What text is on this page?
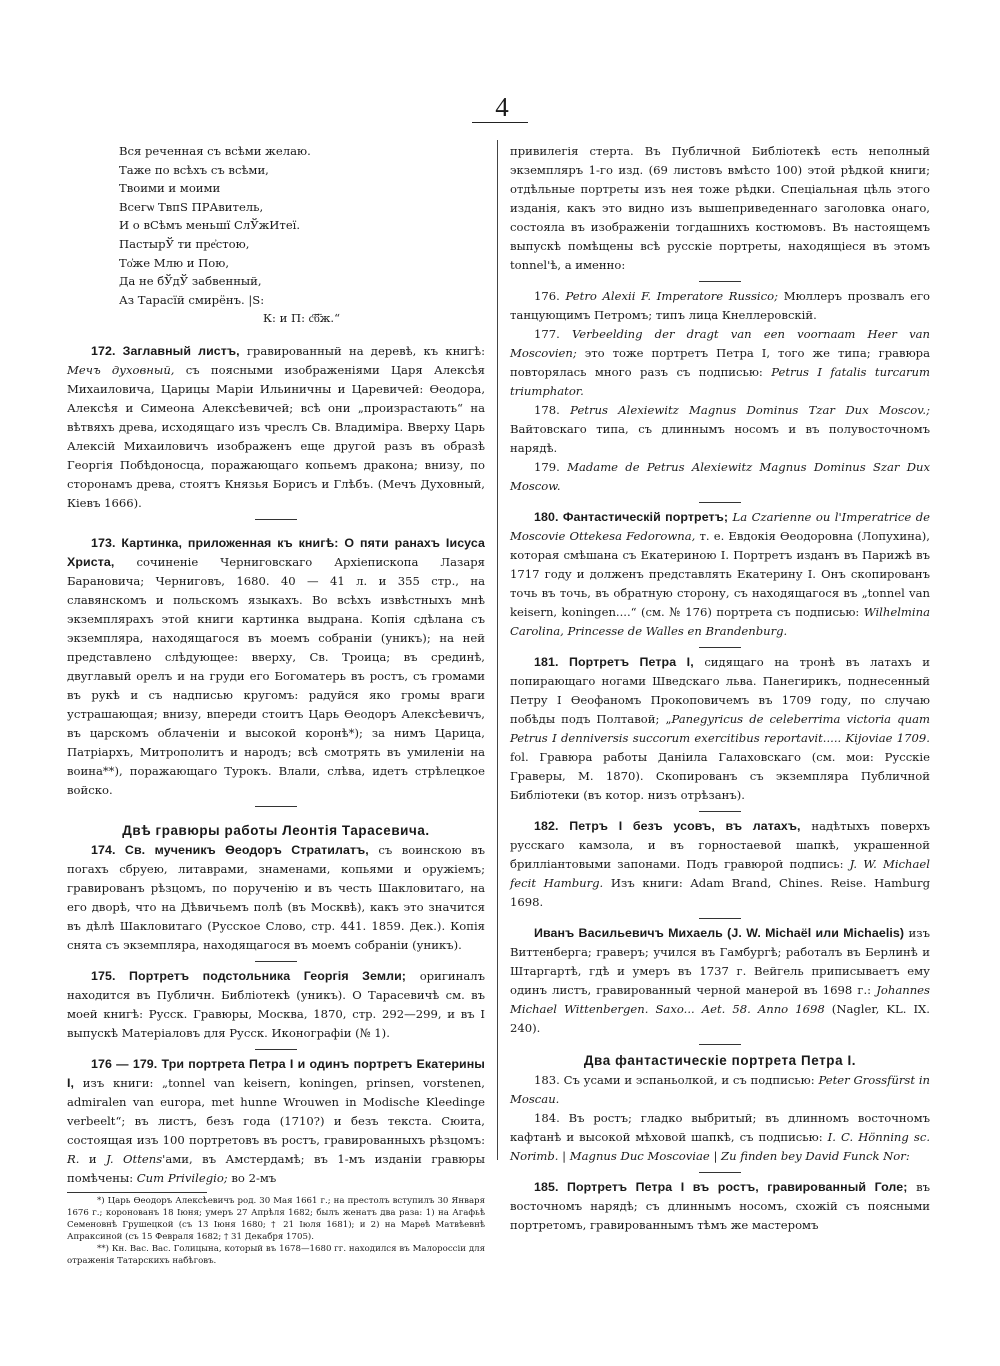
4

Вся реченная съ всѣми желаю.

Таже по всѣхъ съ всѣми,

Твоими и моими

Всегѡ ТвпЅ ПРАвитель,

И о вСѣмъ меньшї СлЎжИтеї.

ПастырЎ ти пре҆стою,

То҆же Млю и Пою,

Да не бЎдЎ забвенный,

Аз Тарасїй смирёнъ. |Ѕ:

К: и П: с҃б҃ж.“

172. Заглавный листъ, гравированный на деревѣ, къ книгѣ: Мечъ духовный, съ поясными изображеніями Царя Алексѣя Михаиловича, Царицы Маріи Ильиничны и Царевичей: Ѳеодора, Алексѣя и Симеона Алексѣевичей; всѣ они „произрастають“ на вѣтвяхъ древа, исходящаго изъ чреслъ Св. Владиміра. Вверху Царь Алексій Михаиловичъ изображенъ еще другой разъ въ образѣ Георгія Побѣдоносца, поражающаго копьемъ дракона; внизу, по сторонамъ древа, стоятъ Князья Борисъ и Глѣбъ. (Мечъ Духовный, Кіевъ 1666).

173. Картинка, приложенная къ книгѣ: О пяти ранахъ Іисуса Христа, сочиненіе Черниговскаго Архіепископа Лазаря Барановича; Черниговъ, 1680. 40 — 41 л. и 355 стр., на славянскомъ и польскомъ языкахъ. Во всѣхъ извѣстныхъ мнѣ экземплярахъ этой книги картинка выдрана. Копія сдѣлана съ экземпляра, находящагося въ моемъ собраніи (уникъ); на ней представлено слѣдующее: вверху, Св. Троица; въ срединѣ, двуглавый орелъ и на груди его Богоматерь въ ростъ, съ громами въ рукѣ и съ надписью кругомъ: радуйся яко громы враги устрашающая; внизу, впереди стоитъ Царь Ѳеодоръ Алексѣевичъ, въ царскомъ облаченіи и высокой коронѣ*); за нимъ Царица, Патріархъ, Митрополитъ и народъ; всѣ смотрять въ умиленіи на воина**), поражающаго Турокъ. Влали, слѣва, идетъ стрѣлецкое войско.

Двѣ гравюры работы Леонтія Тарасевича.

174. Св. мученикъ Ѳеодоръ Стратилатъ, съ воинскою въ погахъ сбруею, литаврами, знаменами, копьями и оружіемъ; гравированъ рѣзцомъ, по порученію и въ честь Шакловитаго, на его дворѣ, что на Дѣвичьемъ полѣ (въ Москвѣ), какъ это значится въ дѣлѣ Шакловитаго (Русское Слово, стр. 441. 1859. Дек.). Копія снята съ экземпляра, находящагося въ моемъ собраніи (уникъ).

175. Портретъ подстольника Георгія Земли; оригиналъ находится въ Публичн. Библіотекѣ (уникъ). О Тарасевичѣ см. въ моей книгѣ: Русск. Гравюры, Москва, 1870, стр. 292—299, и въ I выпускѣ Матеріаловъ для Русск. Иконографіи (№ 1).

176 — 179. Три портрета Петра I и одинъ портретъ Екатерины I, изъ книги: „tonnel van keisern, koningen, prinsen, vorstenen, admiralen van europa, met hunne Wrouwen in Modische Kleedinge verbeelt“; въ листъ, безъ года (1710?) и безъ текста. Сюита, состоящая изъ 100 портретовъ въ ростъ, гравированныхъ рѣзцомъ: R. и J. Ottens'ами, въ Амстердамѣ; въ 1-мъ изданіи гравюры помѣчены: Cum Privilegio; во 2-мъ

*) Царь Ѳеодоръ Алексѣевичъ род. 30 Мая 1661 г.; на престолъ вступилъ 30 Января 1676 г.; коронованъ 18 Іюня; умеръ 27 Апрѣля 1682; былъ женатъ два раза: 1) на Агафьѣ Семеновнѣ Грушецкой (съ 13 Іюня 1680; † 21 Іюля 1681); и 2) на Марѳѣ Матвѣевнѣ Апраксиной (съ 15 Февраля 1682; † 31 Декабря 1705).

**) Кн. Вас. Вас. Голицына, который въ 1678—1680 гг. находился въ Малороссіи для отраженія Татарскихъ набѣговъ.

привилегія стерта. Въ Публичной Библіотекѣ есть неполный экземпляръ 1-го изд. (69 листовъ вмѣсто 100) этой рѣдкой книги; отдѣльные портреты изъ нея тоже рѣдки. Спеціальная цѣль этого изданія, какъ это видно изъ вышеприведеннаго заголовка онаго, состояла въ изображеніи тогдашнихъ костюмовъ. Въ настоящемъ выпускѣ помѣщены всѣ русскіе портреты, находящіеся въ этомъ tonnel'ѣ, а именно:

176. Petro Alexii F. Imperatore Russico; Мюллеръ прозвалъ его танцующимъ Петромъ; типъ лица Кнеллеровскій.

177. Verbeelding der dragt van een voornaam Heer van Moscovien; это тоже портретъ Петра I, того же типа; гравюра повторялась много разъ съ подписью: Petrus I fatalis turcarum triumphator.

178. Petrus Alexiewitz Magnus Dominus Tzar Dux Moscov.; Вайтовскаго типа, съ длиннымъ носомъ и въ полувосточномъ нарядѣ.

179. Madame de Petrus Alexiewitz Magnus Dominus Szar Dux Moscow.

180. Фантастическій портретъ; La Czarienne ou l'Imperatrice de Moscovie Ottekesa Fedorowna, т. е. Евдокія Ѳеодоровна (Лопухина), которая смѣшана съ Екатериною I. Портретъ изданъ въ Парижѣ въ 1717 году и долженъ представлять Екатерину I. Онъ скопированъ точь въ точь, въ обратную сторону, съ находящагося въ „tonnel van keisern, koningen....“ (см. № 176) портрета съ подписью: Wilhelmina Carolina, Princesse de Walles en Brandenburg.

181. Портретъ Петра I, сидящаго на тронѣ въ латахъ и попирающаго ногами Шведскаго льва. Панегирикъ, поднесенный Петру I Ѳеофаномъ Прокоповичемъ въ 1709 году, по случаю побѣды подъ Полтавой; „Panegyricus de celeberrima victoria quam Petrus I denniversis succorum exercitibus reportavit..... Kijoviae 1709. fol. Гравюра работы Даніила Галаховскаго (см. мои: Русскіе Граверы, М. 1870). Скопированъ съ экземпляра Публичной Библіотеки (въ котор. низъ отрѣзанъ).

182. Петръ I безъ усовъ, въ латахъ, надѣтыхъ поверхъ русскаго камзола, и въ горностаевой шапкѣ, украшенной брилліантовыми запонами. Подъ гравюрой подпись: J. W. Michael fecit Hamburg. Изъ книги: Adam Brand, Chines. Reise. Hamburg 1698.

Иванъ Васильевичъ Михаель (J. W. Michaël или Michaelis) изъ Виттенберга; граверъ; учился въ Гамбургѣ; работалъ въ Берлинѣ и Штаргартѣ, гдѣ и умеръ въ 1737 г. Вейгель приписываетъ ему одинъ листъ, гравированный черной манерой въ 1698 г.: Johannes Michael Wittenbergen. Saxo... Aet. 58. Anno 1698 (Nagler, KL. IX. 240).

Два фантастическіе портрета Петра I.

183. Съ усами и эспаньолкой, и съ подписью: Peter Grossfürst in Moscau.

184. Въ ростъ; гладко выбритый; въ длинномъ восточномъ кафтанѣ и высокой мѣховой шапкѣ, съ подписью: I. C. Hönning sc. Norimb. | Magnus Duc Moscoviae | Zu finden bey David Funck Nor:

185. Портретъ Петра I въ ростъ, гравированный Голе; въ восточномъ нарядѣ; съ длиннымъ носомъ, схожій съ поясными портретомъ, гравированнымъ тѣмъ же мастеромъ
